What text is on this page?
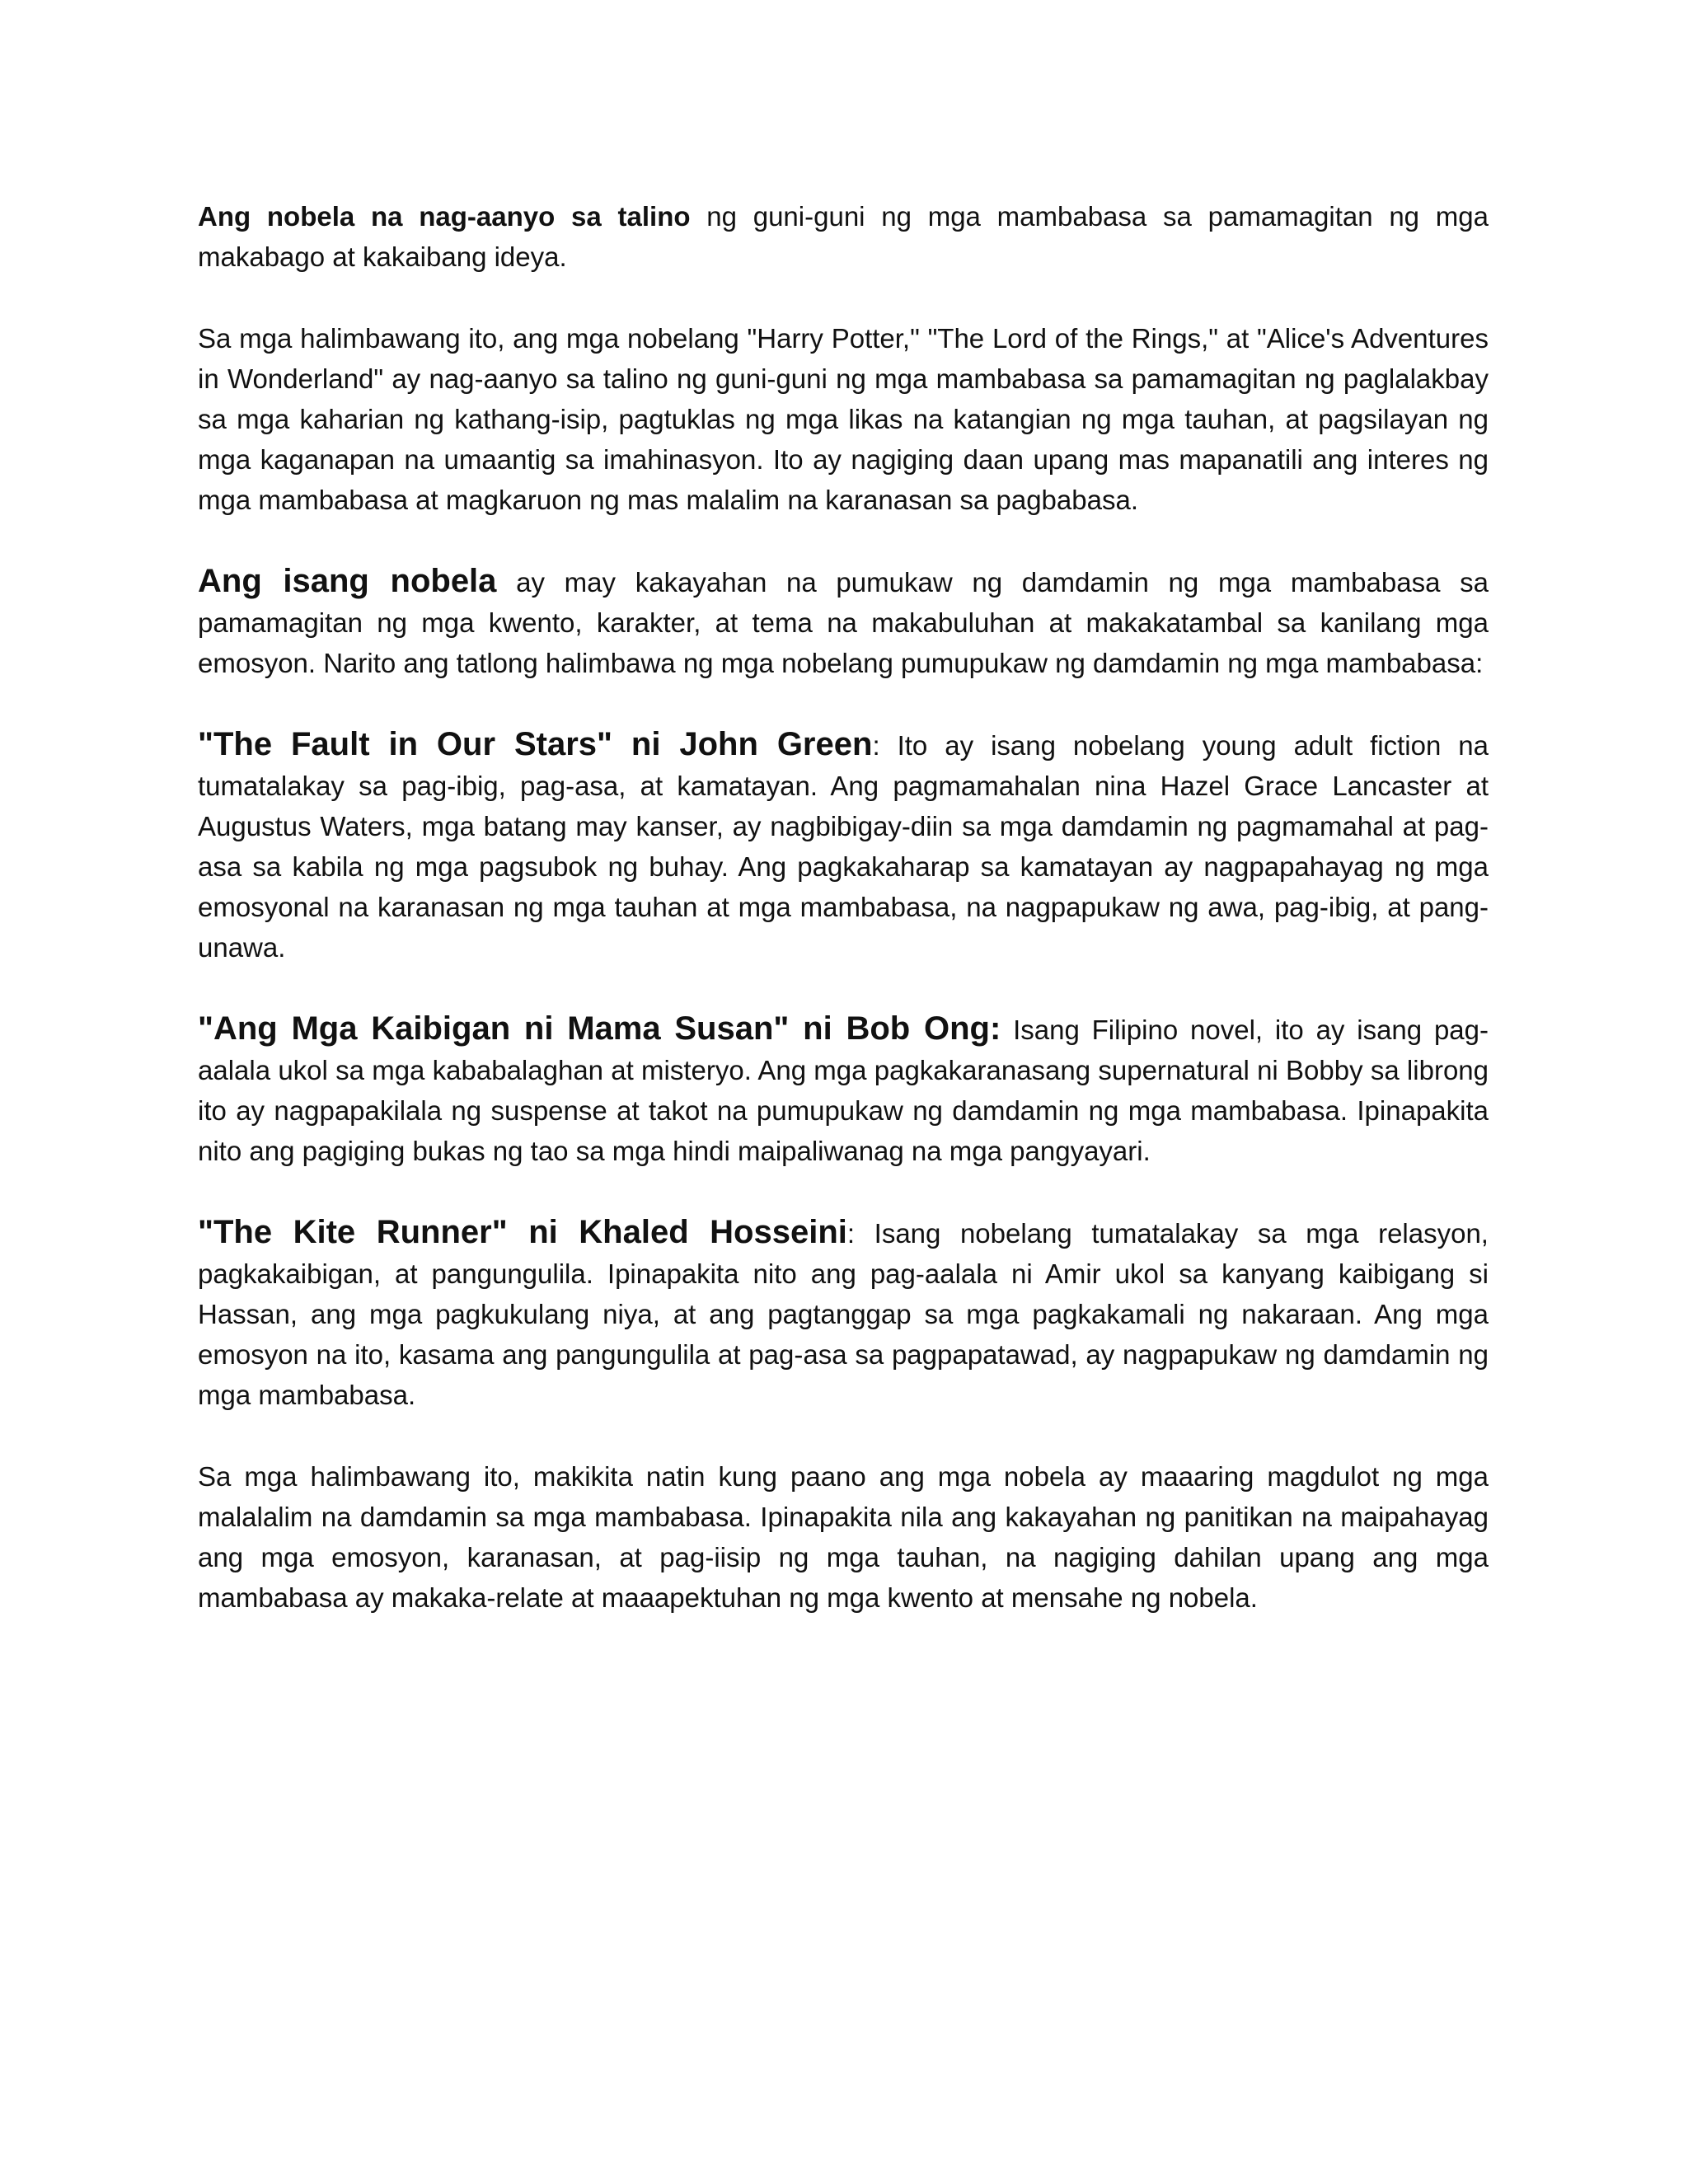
Ang nobela na nag-aanyo sa talino ng guni-guni ng mga mambabasa sa pamamagitan ng mga makabago at kakaibang ideya.

Sa mga halimbawang ito, ang mga nobelang "Harry Potter," "The Lord of the Rings," at "Alice's Adventures in Wonderland" ay nag-aanyo sa talino ng guni-guni ng mga mambabasa sa pamamagitan ng paglalakbay sa mga kaharian ng kathang-isip, pagtuklas ng mga likas na katangian ng mga tauhan, at pagsilayan ng mga kaganapan na umaantig sa imahinasyon. Ito ay nagiging daan upang mas mapanatili ang interes ng mga mambabasa at magkaruon ng mas malalim na karanasan sa pagbabasa.

Ang isang nobela ay may kakayahan na pumukaw ng damdamin ng mga mambabasa sa pamamagitan ng mga kwento, karakter, at tema na makabuluhan at makakatambal sa kanilang mga emosyon. Narito ang tatlong halimbawa ng mga nobelang pumupukaw ng damdamin ng mga mambabasa:

"The Fault in Our Stars" ni John Green: Ito ay isang nobelang young adult fiction na tumatalakay sa pag-ibig, pag-asa, at kamatayan. Ang pagmamahalan nina Hazel Grace Lancaster at Augustus Waters, mga batang may kanser, ay nagbibigay-diin sa mga damdamin ng pagmamahal at pag-asa sa kabila ng mga pagsubok ng buhay. Ang pagkakaharap sa kamatayan ay nagpapahayag ng mga emosyonal na karanasan ng mga tauhan at mga mambabasa, na nagpapukaw ng awa, pag-ibig, at pang-unawa.

"Ang Mga Kaibigan ni Mama Susan" ni Bob Ong: Isang Filipino novel, ito ay isang pag-aalala ukol sa mga kababalaghan at misteryo. Ang mga pagkakaranasang supernatural ni Bobby sa librong ito ay nagpapakilala ng suspense at takot na pumupukaw ng damdamin ng mga mambabasa. Ipinapakita nito ang pagiging bukas ng tao sa mga hindi maipaliwanag na mga pangyayari.

"The Kite Runner" ni Khaled Hosseini: Isang nobelang tumatalakay sa mga relasyon, pagkakaibigan, at pangungulila. Ipinapakita nito ang pag-aalala ni Amir ukol sa kanyang kaibigang si Hassan, ang mga pagkukulang niya, at ang pagtanggap sa mga pagkakamali ng nakaraan. Ang mga emosyon na ito, kasama ang pangungulila at pag-asa sa pagpapatawad, ay nagpapukaw ng damdamin ng mga mambabasa.

Sa mga halimbawang ito, makikita natin kung paano ang mga nobela ay maaaring magdulot ng mga malalalim na damdamin sa mga mambabasa. Ipinapakita nila ang kakayahan ng panitikan na maipahayag ang mga emosyon, karanasan, at pag-iisip ng mga tauhan, na nagiging dahilan upang ang mga mambabasa ay makaka-relate at maaapektuhan ng mga kwento at mensahe ng nobela.
